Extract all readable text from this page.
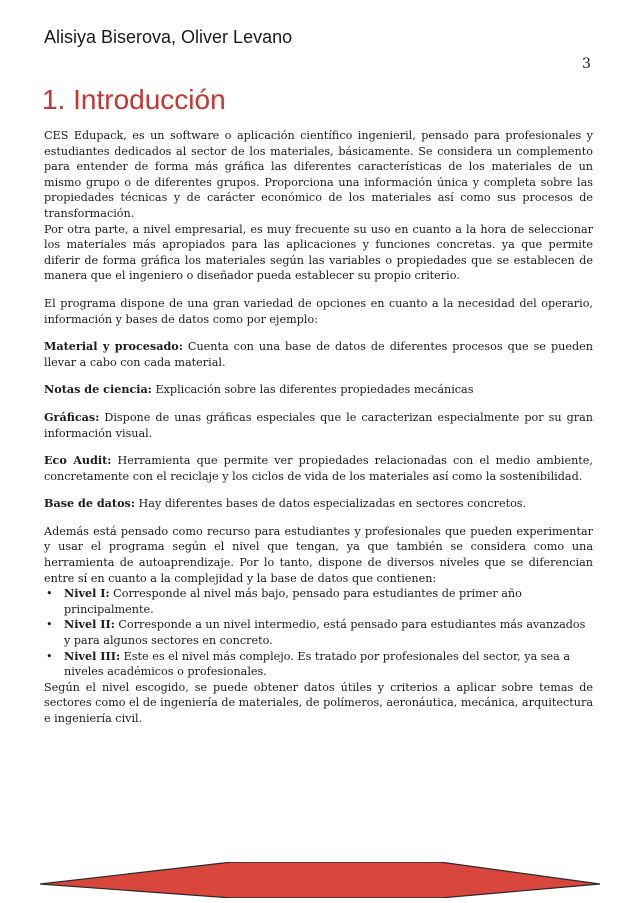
Alisiya Biserova, Oliver Levano
3
1. Introducción

CES Edupack, es un software o aplicación científico ingenieril, pensado para profesionales y estudiantes dedicados al sector de los materiales, básicamente. Se considera un complemento para entender de forma más gráfica las diferentes características de los materiales de un mismo grupo o de diferentes grupos. Proporciona una información única y completa sobre las propiedades técnicas y de carácter económico de los materiales así como sus procesos de transformación.

Por otra parte, a nivel empresarial, es muy frecuente su uso en cuanto a la hora de seleccionar los materiales más apropiados para las aplicaciones y funciones concretas. ya que permite diferir de forma gráfica los materiales según las variables o propiedades que se establecen de manera que el ingeniero o diseñador pueda establecer su propio criterio.

El programa dispone de una gran variedad de opciones en cuanto a la necesidad del operario, información y bases de datos como por ejemplo:

Material y procesado: Cuenta con una base de datos de diferentes procesos que se pueden llevar a cabo con cada material.

Notas de ciencia: Explicación sobre las diferentes propiedades mecánicas

Gráficas: Dispone de unas gráficas especiales que le caracterizan especialmente por su gran información visual.

Eco Audit: Herramienta que permite ver propiedades relacionadas con el medio ambiente, concretamente con el reciclaje y los ciclos de vida de los materiales así como la sostenibilidad.

Base de datos: Hay diferentes bases de datos especializadas en sectores concretos.

Además está pensado como recurso para estudiantes y profesionales que pueden experimentar y usar el programa según el nivel que tengan, ya que también se considera como una herramienta de autoaprendizaje. Por lo tanto, dispone de diversos niveles que se diferencian entre sí en cuanto a la complejidad y la base de datos que contienen:

• Nivel I: Corresponde al nivel más bajo, pensado para estudiantes de primer año principalmente.
• Nivel II: Corresponde a un nivel intermedio, está pensado para estudiantes más avanzados y para algunos sectores en concreto.
• Nivel III: Este es el nivel más complejo. Es tratado por profesionales del sector, ya sea a niveles académicos o profesionales.

Según el nivel escogido, se puede obtener datos útiles y criterios a aplicar sobre temas de sectores como el de ingeniería de materiales, de polímeros, aeronáutica, mecánica, arquitectura e ingeniería civil.
